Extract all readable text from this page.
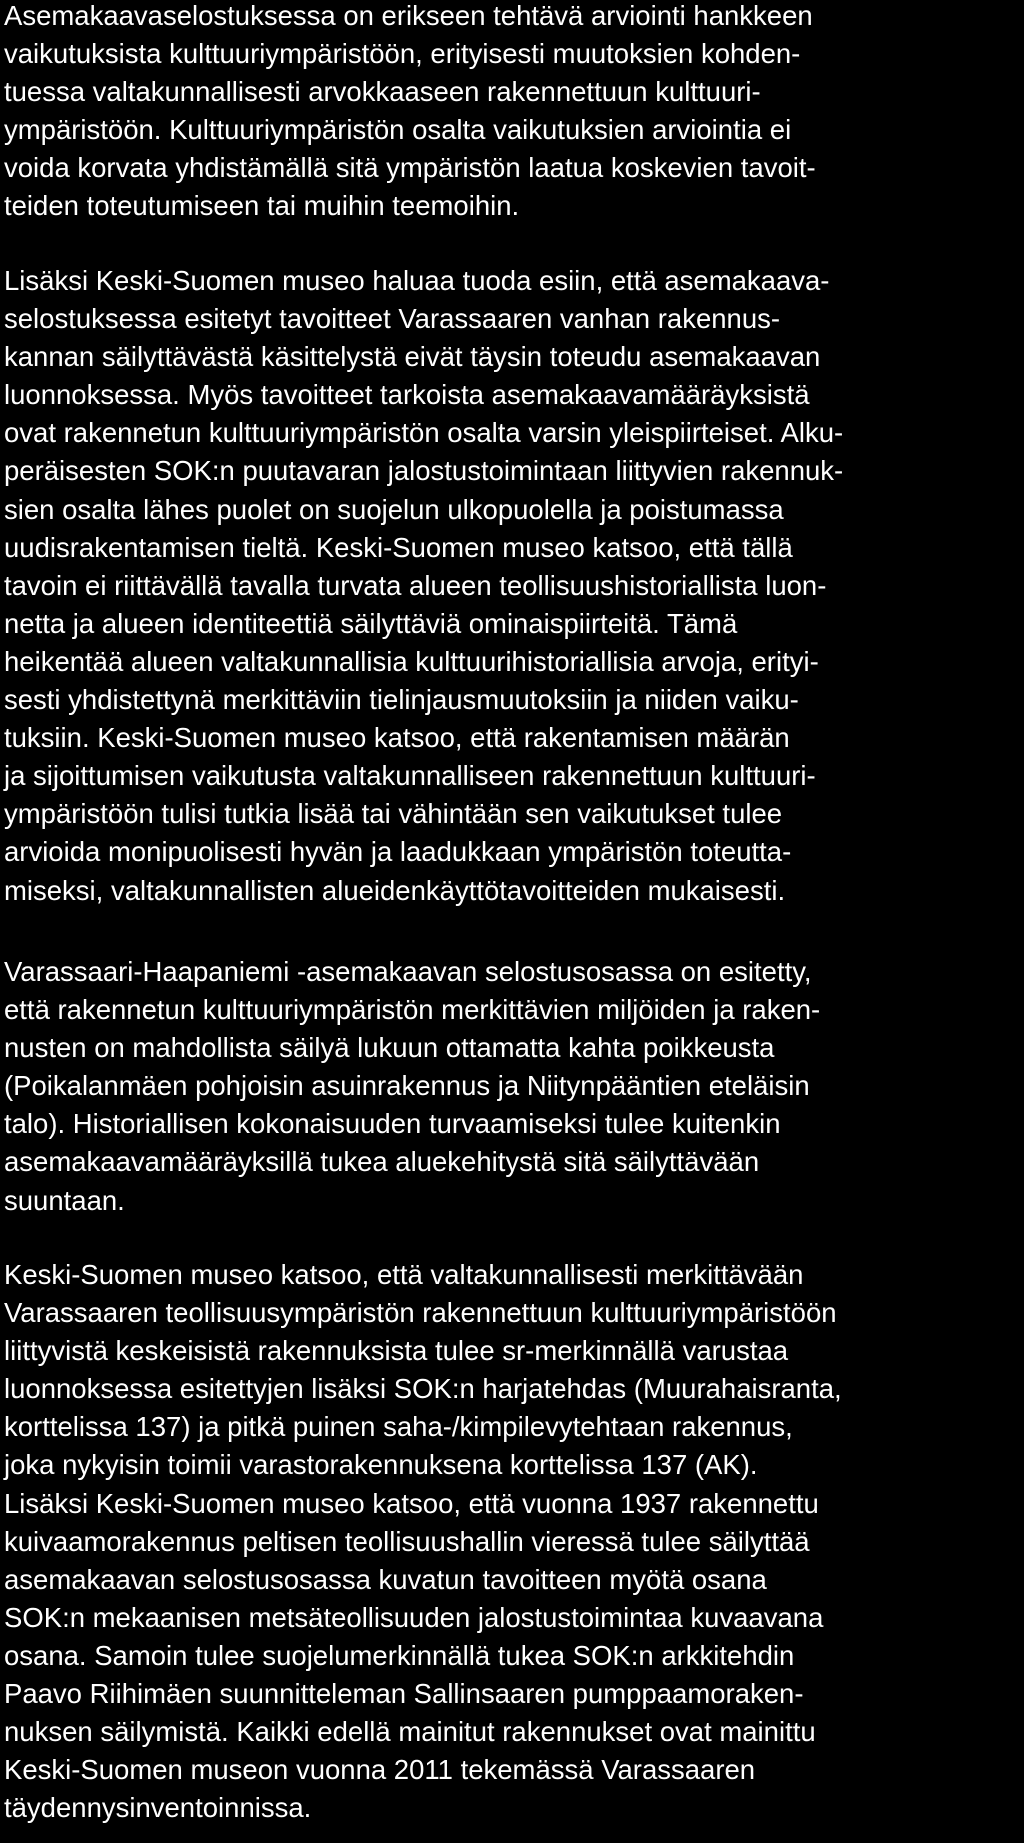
Asemakaavaselostuksessa on erikseen tehtävä arviointi hankkeen
vaikutuksista kulttuuriympäristöön, erityisesti muutoksien kohden-
tuessa valtakunnallisesti arvokkaaseen rakennettuun kulttuuri-
ympäristöön. Kulttuuriympäristön osalta vaikutuksien arviointia ei
voida korvata yhdistämällä sitä ympäristön laatua koskevien tavoit-
teiden toteutumiseen tai muihin teemoihin.
Lisäksi Keski-Suomen museo haluaa tuoda esiin, että asemakaava-
selostuksessa esitetyt tavoitteet Varassaaren vanhan rakennus-
kannan säilyttävästä käsittelystä eivät täysin toteudu asemakaavan
luonnoksessa. Myös tavoitteet tarkoista asemakaavamääräyksistä
ovat rakennetun kulttuuriympäristön osalta varsin yleispiirteiset. Alku-
peräisesten SOK:n puutavaran jalostustoimintaan liittyvien rakennuk-
sien osalta lähes puolet on suojelun ulkopuolella ja poistumassa
uudisrakentamisen tieltä. Keski-Suomen museo katsoo, että tällä
tavoin ei riittävällä tavalla turvata alueen teollisuushistoriallista luon-
netta ja alueen identiteettiä säilyttäviä ominaispiirteitä. Tämä
heikentää alueen valtakunnallisia kulttuurihistoriallisia arvoja, erityi-
sesti yhdistettynä merkittäviin tielinjausmuutoksiin ja niiden vaiku-
tuksiin. Keski-Suomen museo katsoo, että rakentamisen määrän
ja sijoittumisen vaikutusta valtakunnalliseen rakennettuun kulttuuri-
ympäristöön tulisi tutkia lisää tai vähintään sen vaikutukset tulee
arvioida monipuolisesti hyvän ja laadukkaan ympäristön toteutta-
miseksi, valtakunnallisten alueidenkäyttötavoitteiden mukaisesti.
Varassaari-Haapaniemi -asemakaavan selostusosassa on esitetty,
että rakennetun kulttuuriympäristön merkittävien miljöiden ja raken-
nusten on mahdollista säilyä lukuun ottamatta kahta poikkeusta
(Poikalanmäen pohjoisin asuinrakennus ja Niitynpääntien eteläisin
talo). Historiallisen kokonaisuuden turvaamiseksi tulee kuitenkin
asemakaavamääräyksillä tukea aluekehitystä sitä säilyttävään
suuntaan.
Keski-Suomen museo katsoo, että valtakunnallisesti merkittävään
Varassaaren teollisuusympäristön rakennettuun kulttuuriympäristöön
liittyvistä keskeisistä rakennuksista tulee sr-merkinnällä varustaa
luonnoksessa esitettyjen lisäksi SOK:n harjatehdas (Muurahaisranta,
korttelissa 137) ja pitkä puinen saha-/kimpilevytehtaan rakennus,
joka nykyisin toimii varastorakennuksena korttelissa 137 (AK).
Lisäksi Keski-Suomen museo katsoo, että vuonna 1937 rakennettu
kuivaamorakennus peltisen teollisuushallin vieressä tulee säilyttää
asemakaavan selostusosassa kuvatun tavoitteen myötä osana
SOK:n mekaanisen metsäteollisuuden jalostustoimintaa kuvaavana
osana. Samoin tulee suojelumerkinnällä tukea SOK:n arkkitehdin
Paavo Riihimäen suunnitteleman Sallinsaaren pumppaamoraken-
nuksen säilymistä. Kaikki edellä mainitut rakennukset ovat mainittu
Keski-Suomen museon vuonna 2011 tekemässä Varassaaren
täydennysinventoinnissa.
